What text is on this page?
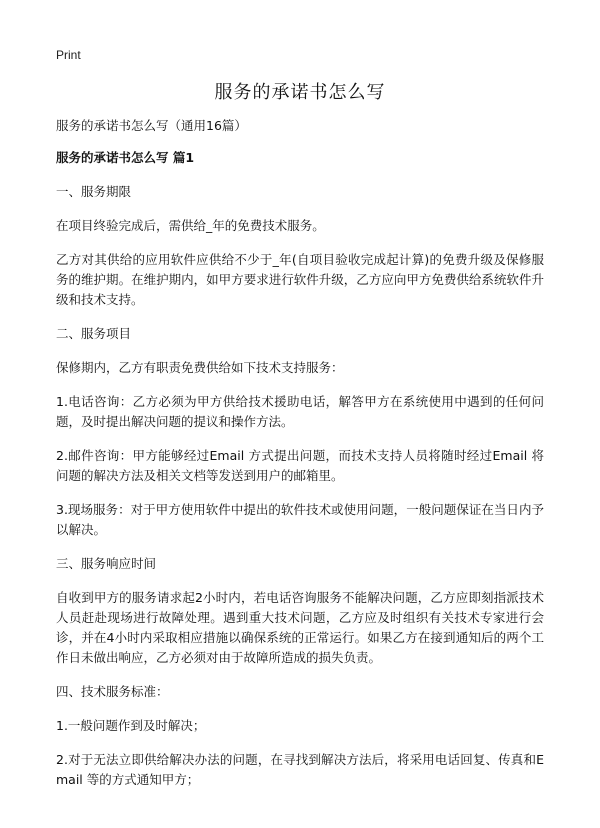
Print
服务的承诺书怎么写

服务的承诺书怎么写（通用16篇）

服务的承诺书怎么写 篇1

一、服务期限

在项目终验完成后，需供给_年的免费技术服务。

乙方对其供给的应用软件应供给不少于_年(自项目验收完成起计算)的免费升级及保修服务的维护期。在维护期内，如甲方要求进行软件升级，乙方应向甲方免费供给系统软件升级和技术支持。

二、服务项目

保修期内，乙方有职责免费供给如下技术支持服务：

1.电话咨询：乙方必须为甲方供给技术援助电话，解答甲方在系统使用中遇到的任何问题，及时提出解决问题的提议和操作方法。

2.邮件咨询：甲方能够经过Email 方式提出问题，而技术支持人员将随时经过Email 将问题的解决方法及相关文档等发送到用户的邮箱里。

3.现场服务：对于甲方使用软件中提出的软件技术或使用问题，一般问题保证在当日内予以解决。

三、服务响应时间

自收到甲方的服务请求起2小时内，若电话咨询服务不能解决问题，乙方应即刻指派技术人员赶赴现场进行故障处理。遇到重大技术问题，乙方应及时组织有关技术专家进行会诊，并在4小时内采取相应措施以确保系统的正常运行。如果乙方在接到通知后的两个工作日未做出响应，乙方必须对由于故障所造成的损失负责。

四、技术服务标准：

1.一般问题作到及时解决；

2.对于无法立即供给解决办法的问题，在寻找到解决方法后，将采用电话回复、传真和Email 等的方式通知甲方；
